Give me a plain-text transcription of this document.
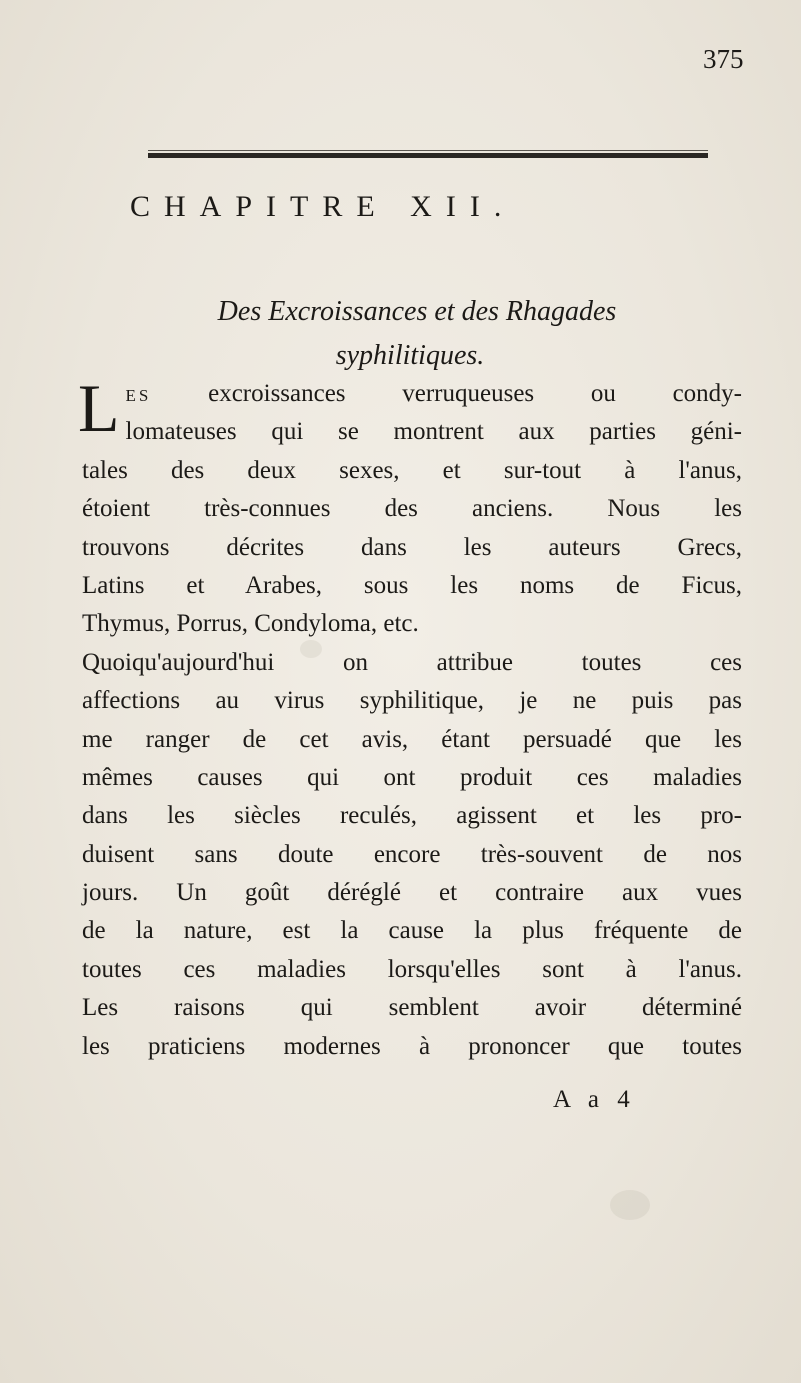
375
CHAPITRE XII.
Des Excroissances et des Rhagades
syphilitiques.
L ES excroissances verruqueuses ou condy-
lomateuses qui se montrent aux parties géni-
tales des deux sexes, et sur-tout à l'anus,
étoient très-connues des anciens. Nous les
trouvons décrites dans les auteurs Grecs,
Latins et Arabes, sous les noms de Ficus,
Thymus, Porrus, Condyloma, etc.
Quoiqu'aujourd'hui on attribue toutes ces
affections au virus syphilitique, je ne puis pas
me ranger de cet avis, étant persuadé que les
mêmes causes qui ont produit ces maladies
dans les siècles reculés, agissent et les pro-
duisent sans doute encore très-souvent de nos
jours. Un goût déréglé et contraire aux vues
de la nature, est la cause la plus fréquente de
toutes ces maladies lorsqu'elles sont à l'anus.
Les raisons qui semblent avoir déterminé
les praticiens modernes à prononcer que toutes
A a 4
